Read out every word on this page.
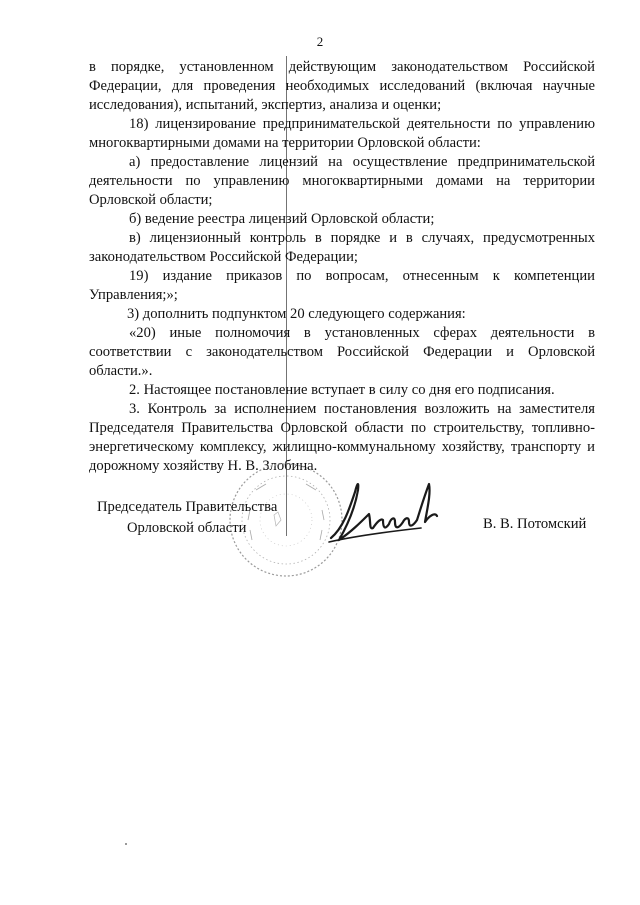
2

в порядке, установленном действующим законодательством Российской Федерации, для проведения необходимых исследований (включая научные исследования), испытаний, экспертиз, анализа и оценки;

18) лицензирование предпринимательской деятельности по управлению многоквартирными домами на территории Орловской области:

а) предоставление лицензий на осуществление предпринимательской деятельности по управлению многоквартирными домами на территории Орловской области;

б) ведение реестра лицензий Орловской области;

в) лицензионный контроль в порядке и в случаях, предусмотренных законодательством Российской Федерации;

19) издание приказов по вопросам, отнесенным к компетенции Управления;»;

3) дополнить подпунктом 20 следующего содержания:

«20) иные полномочия в установленных сферах деятельности в соответствии с законодательством Российской Федерации и Орловской области.».

2. Настоящее постановление вступает в силу со дня его подписания.

3. Контроль за исполнением постановления возложить на заместителя Председателя Правительства Орловской области по строительству, топливно-энергетическому комплексу, жилищно-коммунальному хозяйству, транспорту и дорожному хозяйству Н. В. Злобина.

Председатель Правительства
Орловской области	В. В. Потомский
